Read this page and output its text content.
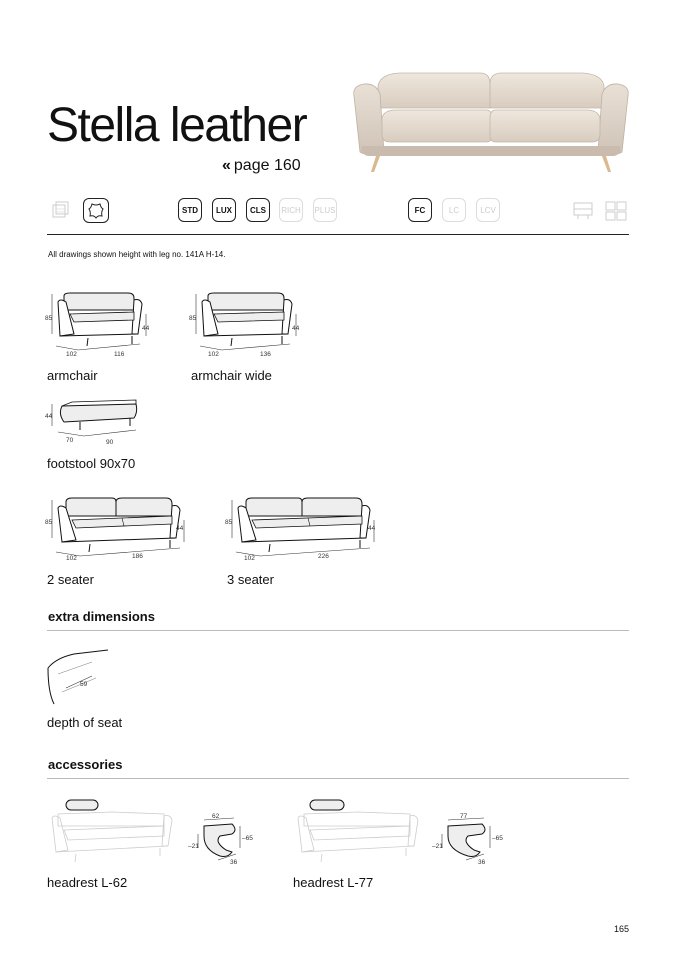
Stella leather
« page 160
STD	LUX	CLS	RICH PLUS	FC	LC	LCV
All drawings shown height with leg no. 141A H-14.
85
44
102	116
armchair
85
44
102	136
armchair wide
44
70	90
footstool 90x70
85
44
102	186
2 seater
85
44
102	226
3 seater
extra dimensions
59
depth of seat
accessories
62
–65
–21
36
headrest L-62
77
–65
–21
36
headrest L-77
165
